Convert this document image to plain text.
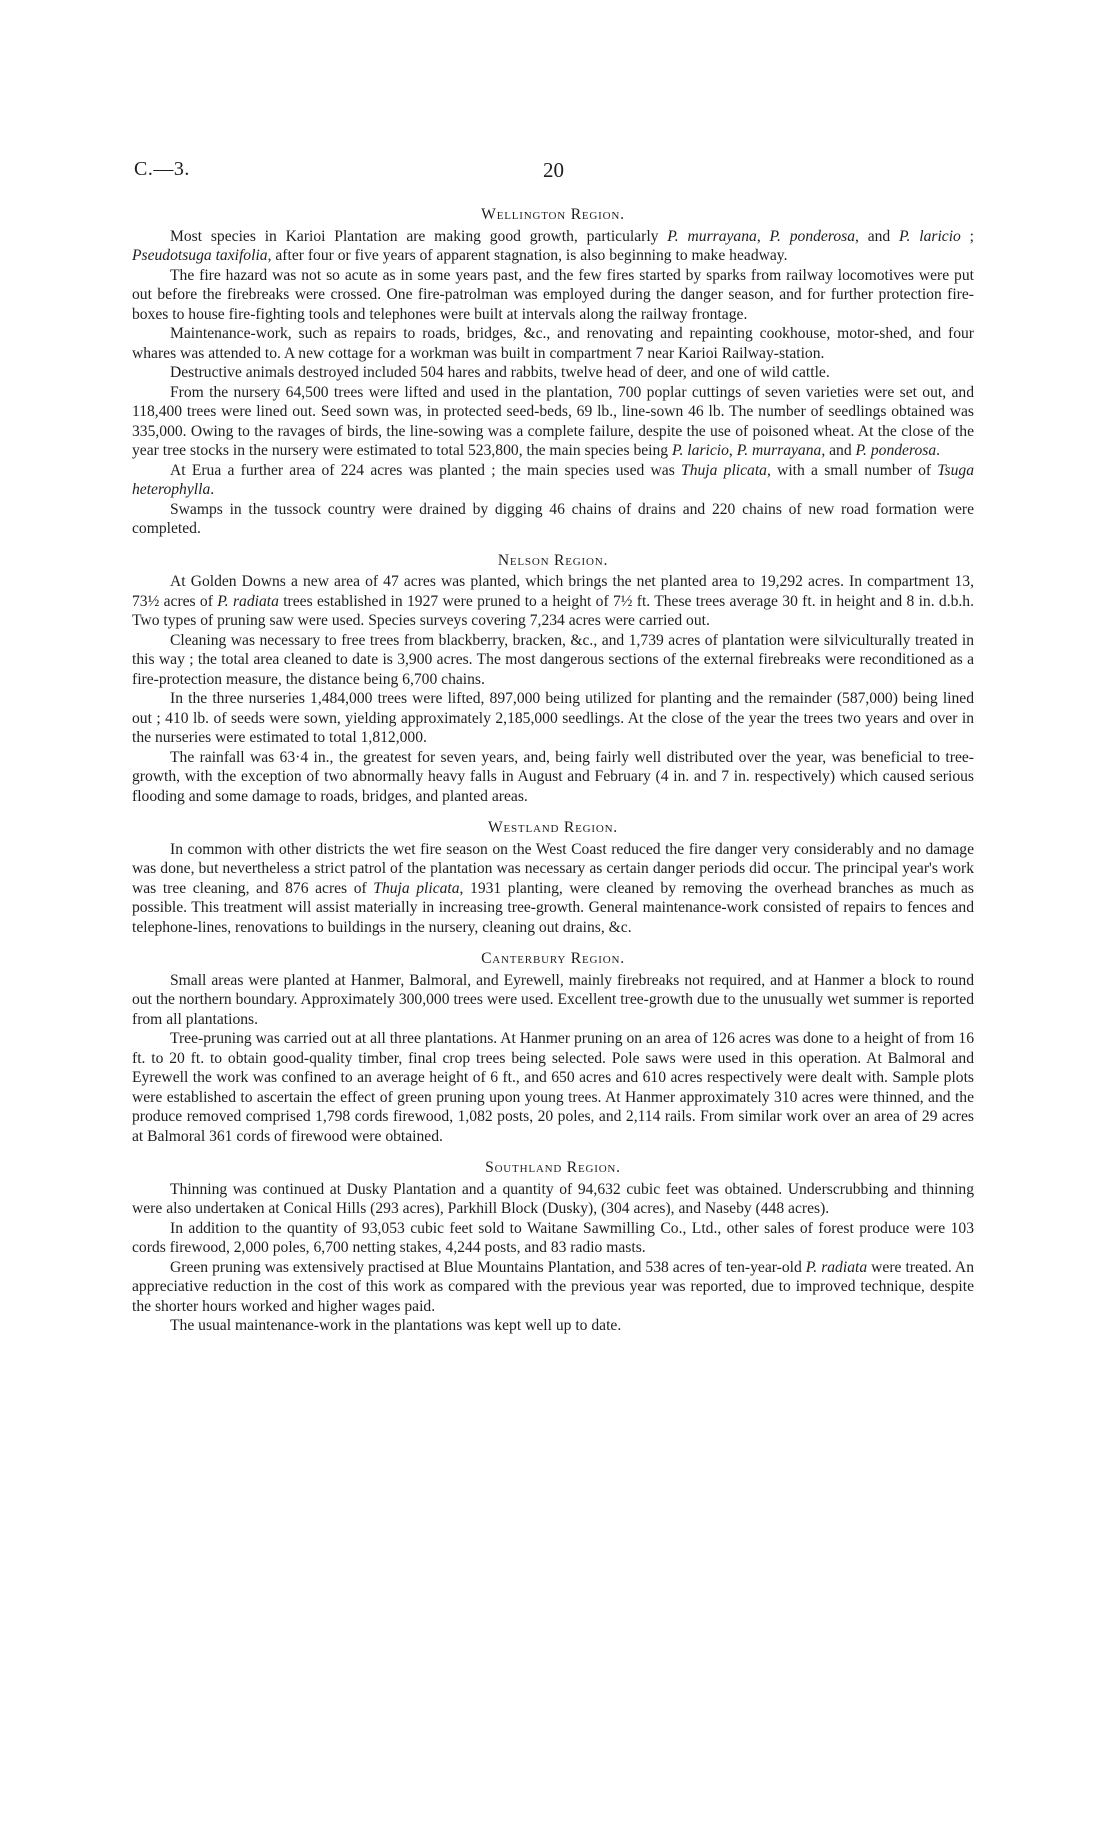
C.—3.	20
Wellington Region.

Most species in Karioi Plantation are making good growth, particularly P. murrayana, P. ponderosa, and P. laricio ; Pseudotsuga taxifolia, after four or five years of apparent stagnation, is also beginning to make headway.

The fire hazard was not so acute as in some years past, and the few fires started by sparks from railway locomotives were put out before the firebreaks were crossed. One fire-patrolman was employed during the danger season, and for further protection fire-boxes to house fire-fighting tools and telephones were built at intervals along the railway frontage.

Maintenance-work, such as repairs to roads, bridges, &c., and renovating and repainting cookhouse, motor-shed, and four whares was attended to. A new cottage for a workman was built in compartment 7 near Karioi Railway-station.

Destructive animals destroyed included 504 hares and rabbits, twelve head of deer, and one of wild cattle.

From the nursery 64,500 trees were lifted and used in the plantation, 700 poplar cuttings of seven varieties were set out, and 118,400 trees were lined out. Seed sown was, in protected seed-beds, 69 lb., line-sown 46 lb. The number of seedlings obtained was 335,000. Owing to the ravages of birds, the line-sowing was a complete failure, despite the use of poisoned wheat. At the close of the year tree stocks in the nursery were estimated to total 523,800, the main species being P. laricio, P. murrayana, and P. ponderosa.

At Erua a further area of 224 acres was planted ; the main species used was Thuja plicata, with a small number of Tsuga heterophylla.

Swamps in the tussock country were drained by digging 46 chains of drains and 220 chains of new road formation were completed.

Nelson Region.

At Golden Downs a new area of 47 acres was planted, which brings the net planted area to 19,292 acres. In compartment 13, 73½ acres of P. radiata trees established in 1927 were pruned to a height of 7½ ft. These trees average 30 ft. in height and 8 in. d.b.h. Two types of pruning saw were used. Species surveys covering 7,234 acres were carried out.

Cleaning was necessary to free trees from blackberry, bracken, &c., and 1,739 acres of plantation were silviculturally treated in this way ; the total area cleaned to date is 3,900 acres. The most dangerous sections of the external firebreaks were reconditioned as a fire-protection measure, the distance being 6,700 chains.

In the three nurseries 1,484,000 trees were lifted, 897,000 being utilized for planting and the remainder (587,000) being lined out ; 410 lb. of seeds were sown, yielding approximately 2,185,000 seedlings. At the close of the year the trees two years and over in the nurseries were estimated to total 1,812,000.

The rainfall was 63·4 in., the greatest for seven years, and, being fairly well distributed over the year, was beneficial to tree-growth, with the exception of two abnormally heavy falls in August and February (4 in. and 7 in. respectively) which caused serious flooding and some damage to roads, bridges, and planted areas.

Westland Region.

In common with other districts the wet fire season on the West Coast reduced the fire danger very considerably and no damage was done, but nevertheless a strict patrol of the plantation was necessary as certain danger periods did occur. The principal year's work was tree cleaning, and 876 acres of Thuja plicata, 1931 planting, were cleaned by removing the overhead branches as much as possible. This treatment will assist materially in increasing tree-growth. General maintenance-work consisted of repairs to fences and telephone-lines, renovations to buildings in the nursery, cleaning out drains, &c.

Canterbury Region.

Small areas were planted at Hanmer, Balmoral, and Eyrewell, mainly firebreaks not required, and at Hanmer a block to round out the northern boundary. Approximately 300,000 trees were used. Excellent tree-growth due to the unusually wet summer is reported from all plantations.

Tree-pruning was carried out at all three plantations. At Hanmer pruning on an area of 126 acres was done to a height of from 16 ft. to 20 ft. to obtain good-quality timber, final crop trees being selected. Pole saws were used in this operation. At Balmoral and Eyrewell the work was confined to an average height of 6 ft., and 650 acres and 610 acres respectively were dealt with. Sample plots were established to ascertain the effect of green pruning upon young trees. At Hanmer approximately 310 acres were thinned, and the produce removed comprised 1,798 cords firewood, 1,082 posts, 20 poles, and 2,114 rails. From similar work over an area of 29 acres at Balmoral 361 cords of firewood were obtained.

Southland Region.

Thinning was continued at Dusky Plantation and a quantity of 94,632 cubic feet was obtained. Underscrubbing and thinning were also undertaken at Conical Hills (293 acres), Parkhill Block (Dusky), (304 acres), and Naseby (448 acres).

In addition to the quantity of 93,053 cubic feet sold to Waitane Sawmilling Co., Ltd., other sales of forest produce were 103 cords firewood, 2,000 poles, 6,700 netting stakes, 4,244 posts, and 83 radio masts.

Green pruning was extensively practised at Blue Mountains Plantation, and 538 acres of ten-year-old P. radiata were treated. An appreciative reduction in the cost of this work as compared with the previous year was reported, due to improved technique, despite the shorter hours worked and higher wages paid.

The usual maintenance-work in the plantations was kept well up to date.
